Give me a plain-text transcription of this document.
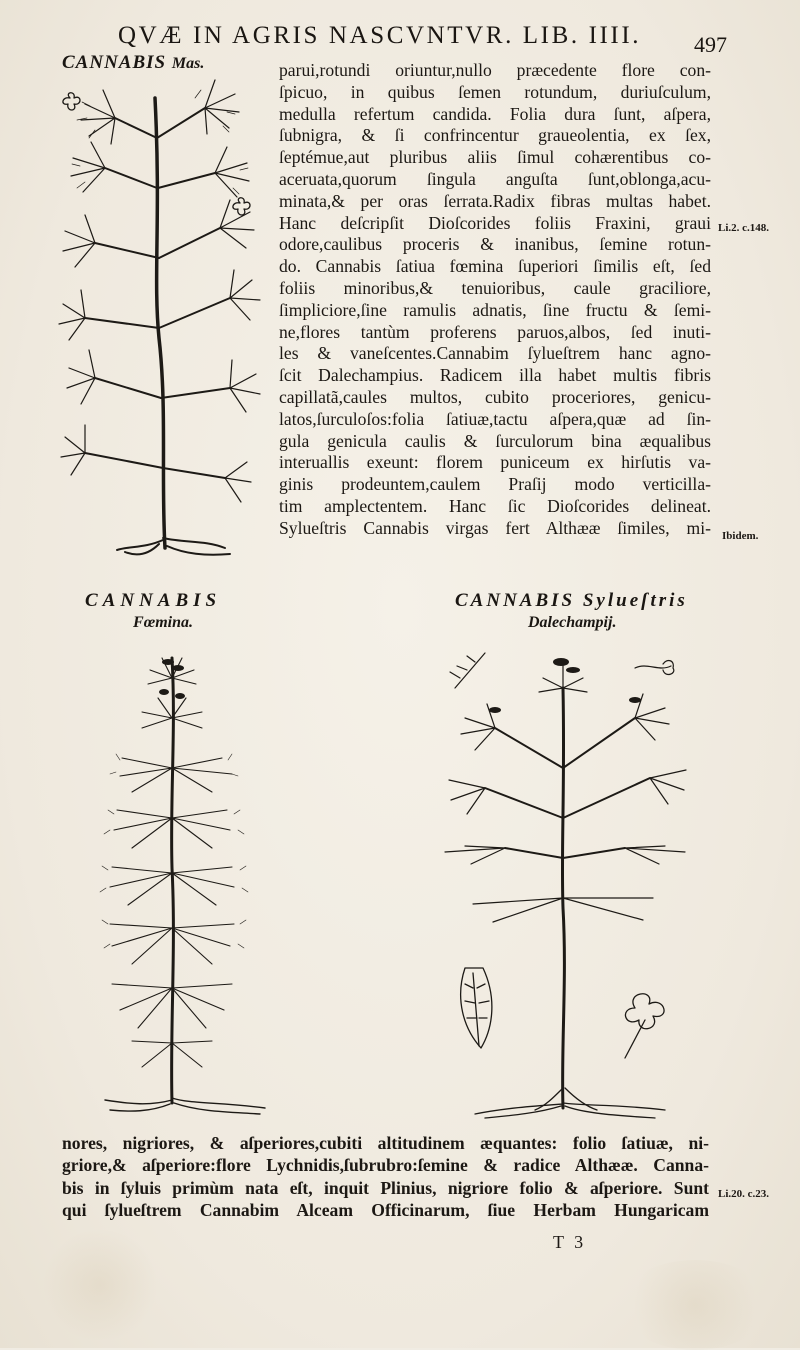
QVÆ IN AGRIS NASCVNTVR. LIB. IIII. 497
CANNABIS Mas.	parui,rotundi oriuntur,nullo præcedente flore con-
ſpicuo, in quibus ſemen rotundum, duriuſculum,
medulla refertum candida. Folia dura ſunt, aſpera,
ſubnigra, & ſi confrincentur graueolentia, ex ſex,
ſeptémue,aut pluribus aliis ſimul cohærentibus co-
aceruata,quorum ſingula anguſta ſunt,oblonga,acu-
minata,& per oras ſerrata.Radix fibras multas habet.
Hanc deſcripſit Dioſcorides foliis Fraxini, graui
odore,caulibus proceris & inanibus, ſemine rotun-
do. Cannabis ſatiua fœmina ſuperiori ſimilis eſt, ſed
foliis minoribus,& tenuioribus, caule graciliore,
ſimpliciore,ſine ramulis adnatis, ſine fructu & ſemi-
ne,flores tantùm proferens paruos,albos, ſed inuti-
les & vaneſcentes.Cannabim ſylueſtrem hanc agno-
ſcit Dalechampius. Radicem illa habet multis fibris
capillatã,caules multos, cubito proceriores, genicu-
latos,ſurculoſos:folia ſatiuæ,tactu aſpera,quæ ad ſin-
gula genicula caulis & ſurculorum bina æqualibus
interuallis exeunt: florem puniceum ex hirſutis va-
ginis prodeuntem,caulem Praſij modo verticilla-
tim amplectentem. Hanc ſic Dioſcorides delineat.
Sylueſtris Cannabis virgas fert Althææ ſimiles, mi-
Li.2. c.148.
Ibidem.
Li.20. c.23.
CANNABIS
Fœmina.
CANNABIS Sylueſtris
Dalechampij.
nores, nigriores, & aſperiores,cubiti altitudinem æquantes: folio ſatiuæ, ni-
griore,& aſperiore:flore Lychnidis,ſubrubro:ſemine & radice Althææ. Canna-
bis in ſyluis primùm nata eſt, inquit Plinius, nigriore folio & aſperiore. Sunt
qui ſylueſtrem Cannabim Alceam Officinarum, ſiue Herbam Hungaricam
T 3
